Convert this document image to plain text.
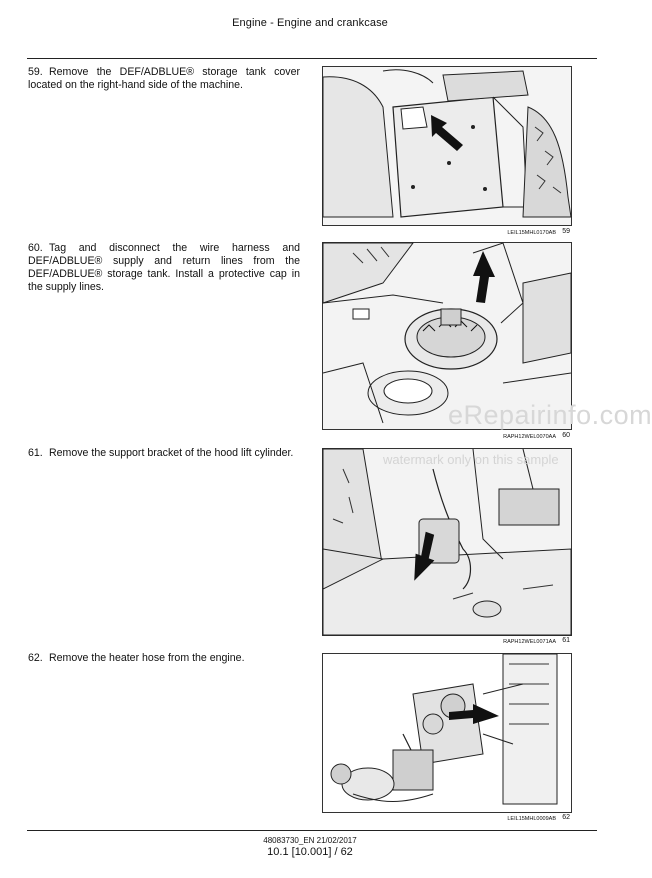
Engine - Engine and crankcase
59. Remove the DEF/ADBLUE® storage tank cover located on the right-hand side of the machine.
LEIL15MHL0170AB 59
60. Tag and disconnect the wire harness and DEF/ADBLUE® supply and return lines from the DEF/ADBLUE® storage tank. Install a protective cap in the supply lines.
RAPH12WEL0070AA 60
61. Remove the support bracket of the hood lift cylinder.
RAPH12WEL0071AA 61
62. Remove the heater hose from the engine.
LEIL15MHL0009AB 62
48083730_EN 21/02/2017
10.1 [10.001] / 62
eRepairinfo.com
watermark only on this sample
